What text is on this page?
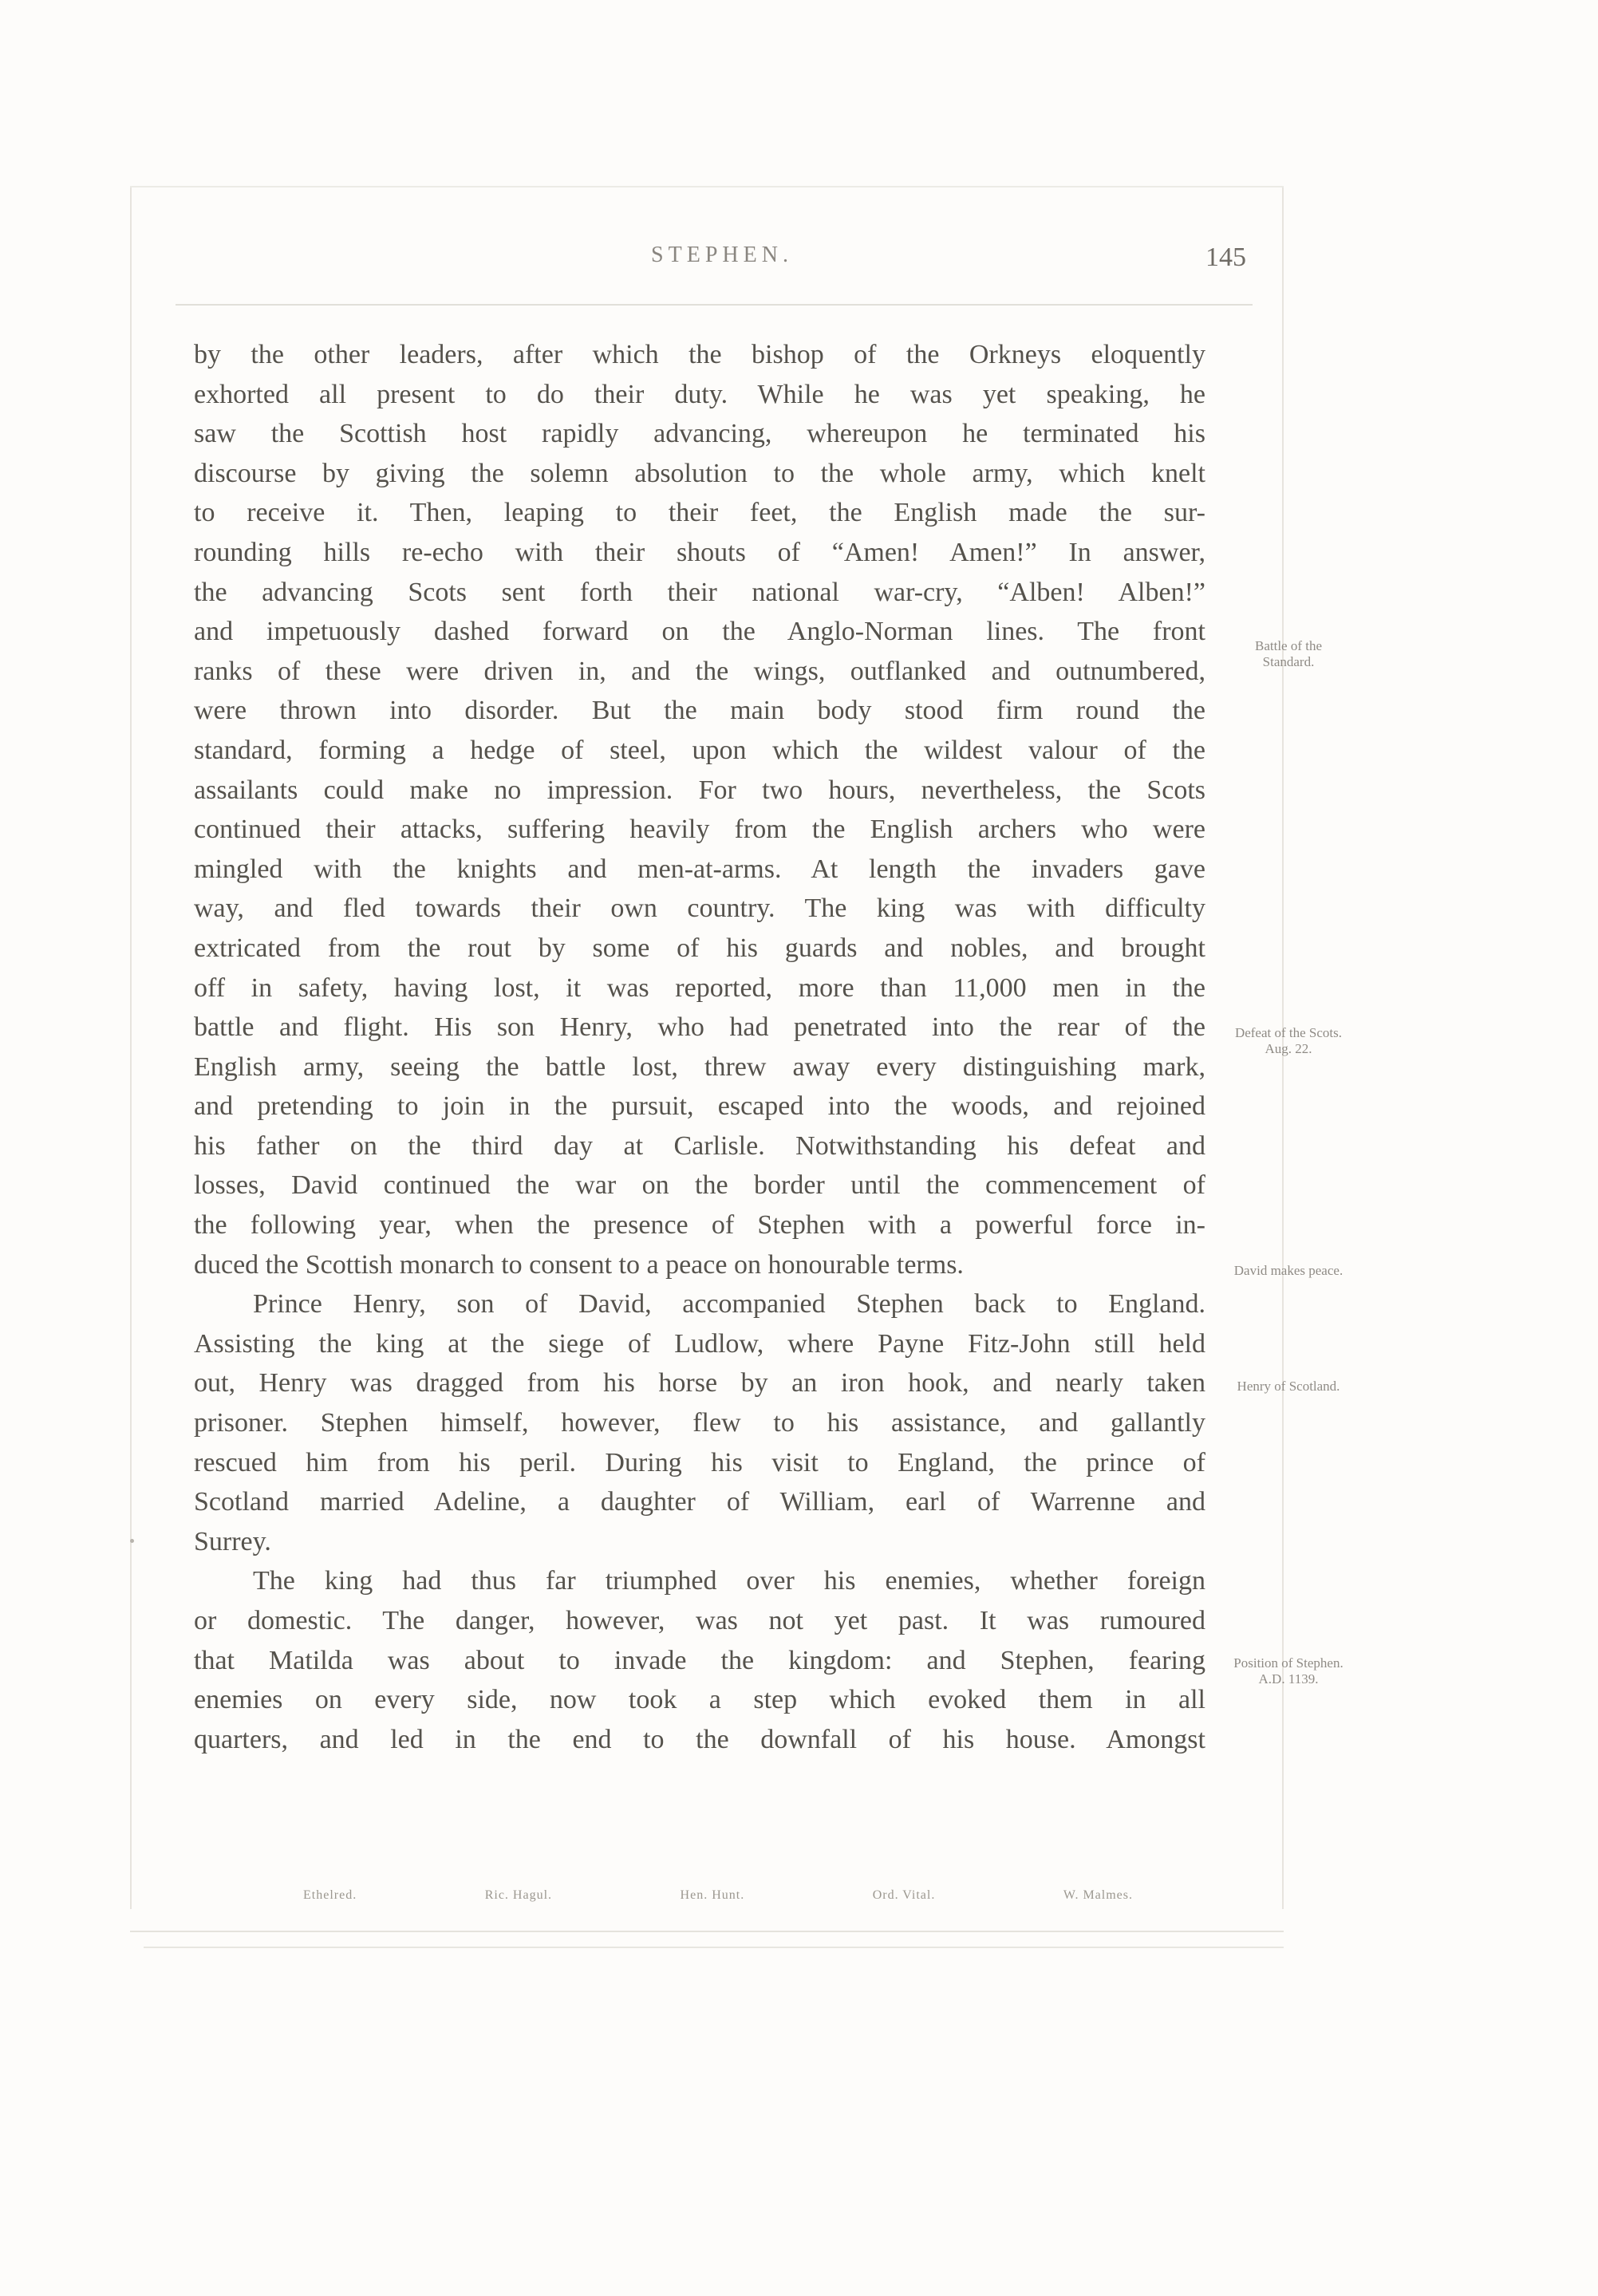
STEPHEN.	145
by the other leaders, after which the bishop of the Orkneys eloquently
exhorted all present to do their duty. While he was yet speaking, he
saw the Scottish host rapidly advancing, whereupon he terminated his
discourse by giving the solemn absolution to the whole army, which knelt
to receive it. Then, leaping to their feet, the English made the sur-
rounding hills re-echo with their shouts of “Amen! Amen!” In answer,
the advancing Scots sent forth their national war-cry, “Alben! Alben!”
and impetuously dashed forward on the Anglo-Norman lines. The front
ranks of these were driven in, and the wings, outflanked and outnumbered,
were thrown into disorder. But the main body stood firm round the
standard, forming a hedge of steel, upon which the wildest valour of the
assailants could make no impression. For two hours, nevertheless, the Scots
continued their attacks, suffering heavily from the English archers who were
mingled with the knights and men-at-arms. At length the invaders gave
way, and fled towards their own country. The king was with difficulty
extricated from the rout by some of his guards and nobles, and brought
off in safety, having lost, it was reported, more than 11,000 men in the
battle and flight. His son Henry, who had penetrated into the rear of the
English army, seeing the battle lost, threw away every distinguishing mark,
and pretending to join in the pursuit, escaped into the woods, and rejoined
his father on the third day at Carlisle. Notwithstanding his defeat and
losses, David continued the war on the border until the commencement of
the following year, when the presence of Stephen with a powerful force in-
duced the Scottish monarch to consent to a peace on honourable terms.
Prince Henry, son of David, accompanied Stephen back to England.
Assisting the king at the siege of Ludlow, where Payne Fitz-John still held
out, Henry was dragged from his horse by an iron hook, and nearly taken
prisoner. Stephen himself, however, flew to his assistance, and gallantly
rescued him from his peril. During his visit to England, the prince of
Scotland married Adeline, a daughter of William, earl of Warrenne and
Surrey.
The king had thus far triumphed over his enemies, whether foreign
or domestic. The danger, however, was not yet past. It was rumoured
that Matilda was about to invade the kingdom: and Stephen, fearing
enemies on every side, now took a step which evoked them in all
quarters, and led in the end to the downfall of his house. Amongst
Battle of the Standard.
Defeat of the Scots. Aug. 22.
David makes peace.
Henry of Scotland.
Position of Stephen. A.D. 1139.
Ethelred.	Ric. Hagul.	Hen. Hunt.	Ord. Vital.	W. Malmes.
